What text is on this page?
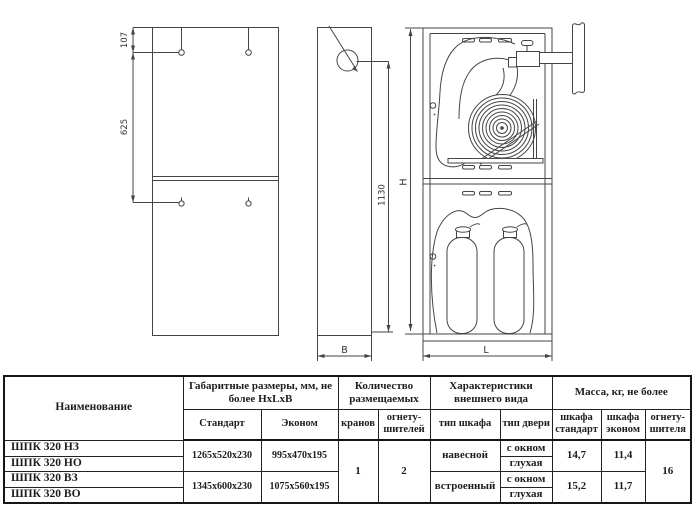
107
625
1130
H
B	L
Наименование	Габаритные размеры, мм, не более HxLxB		Количество размещаемых		Характеристики внешнего вида		Масса, кг, не более		
	Стандарт	Эконом	кранов	огнету-шителей	тип шкафа	тип двери	шкафа стандарт	шкафа эконом	огнету-шителя
ШПК 320 НЗ	1265x520x230	995x470x195	1	2	навесной	с окном	14,7	11,4	16
ШПК 320 НО						глухая			
ШПК 320 ВЗ	1345x600x230	1075x560x195			встроенный	с окном	15,2	11,7	
ШПК 320 ВО						глухая			
